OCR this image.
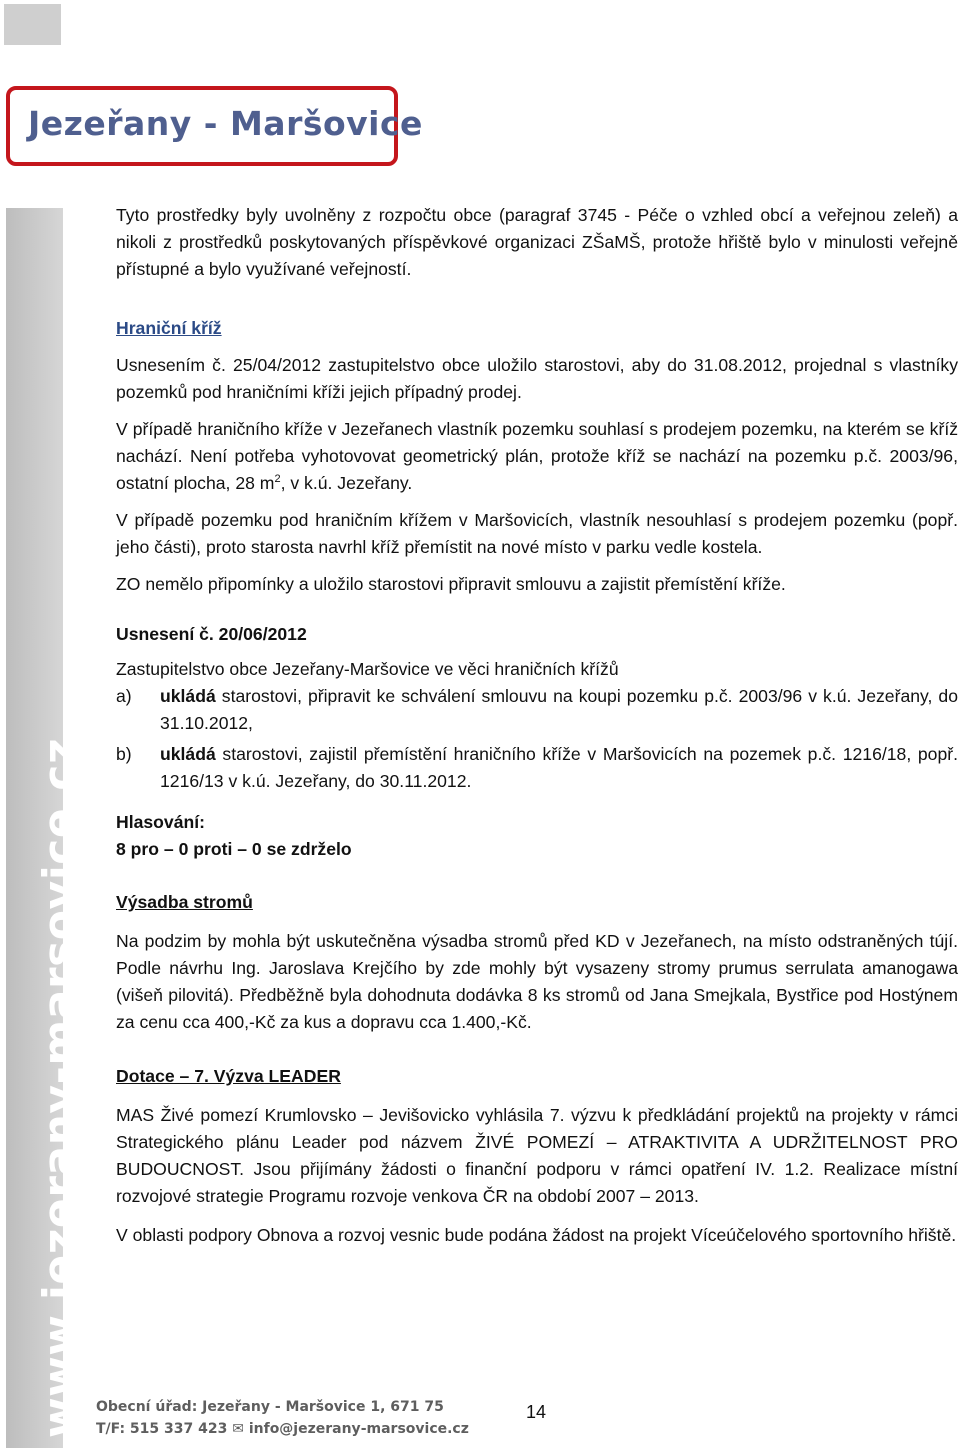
Jezeřany - Maršovice
www.jezerany-marsovice.cz

Tyto prostředky byly uvolněny z rozpočtu obce (paragraf 3745 - Péče o vzhled obcí a veřejnou zeleň) a nikoli z prostředků poskytovaných příspěvkové organizaci ZŠaMŠ, protože hřiště bylo v minulosti veřejně přístupné a bylo využívané veřejností.

Hraniční kříž

Usnesením č. 25/04/2012 zastupitelstvo obce uložilo starostovi, aby do 31.08.2012, projednal s vlastníky pozemků pod hraničními kříži jejich případný prodej.

V případě hraničního kříže v Jezeřanech vlastník pozemku souhlasí s prodejem pozemku, na kterém se kříž nachází. Není potřeba vyhotovovat geometrický plán, protože kříž se nachází na pozemku p.č. 2003/96, ostatní plocha, 28 $m^2$, v k.ú. Jezeřany.

V případě pozemku pod hraničním křížem v Maršovicích, vlastník nesouhlasí s prodejem pozemku (popř. jeho části), proto starosta navrhl kříž přemístit na nové místo v parku vedle kostela.

ZO nemělo připomínky a uložilo starostovi připravit smlouvu a zajistit přemístění kříže.

Usnesení č. 20/06/2012
Zastupitelstvo obce Jezeřany-Maršovice ve věci hraničních křížů
a)	ukládá starostovi, připravit ke schválení smlouvu na koupi pozemku p.č. 2003/96 v k.ú. Jezeřany, do 31.10.2012,
b)	ukládá starostovi, zajistil přemístění hraničního kříže v Maršovicích na pozemek p.č. 1216/18, popř. 1216/13 v k.ú. Jezeřany, do 30.11.2012.
Hlasování:
8 pro – 0 proti – 0 se zdrželo
Výsadba stromů

Na podzim by mohla být uskutečněna výsadba stromů před KD v Jezeřanech, na místo odstraněných tújí. Podle návrhu Ing. Jaroslava Krejčího by zde mohly být vysazeny stromy prumus serrulata amanogawa (višeň pilovitá). Předběžně byla dohodnuta dodávka 8 ks stromů od Jana Smejkala, Bystřice pod Hostýnem za cenu cca 400,-Kč za kus a dopravu cca 1.400,-Kč.

Dotace – 7. Výzva LEADER

MAS Živé pomezí Krumlovsko – Jevišovicko vyhlásila 7. výzvu k předkládání projektů na projekty v rámci Strategického plánu Leader pod názvem ŽIVÉ POMEZÍ – ATRAKTIVITA A UDRŽITELNOST PRO BUDOUCNOST. Jsou přijímány žádosti o finanční podporu v rámci opatření IV. 1.2. Realizace místní rozvojové strategie Programu rozvoje venkova ČR na období 2007 – 2013.

V oblasti podpory Obnova a rozvoj vesnic bude podána žádost na projekt Víceúčelového sportovního hřiště.

Obecní úřad: Jezeřany - Maršovice 1, 671 75
T/F: 515 337 423 ✉ info@jezerany-marsovice.cz
14
